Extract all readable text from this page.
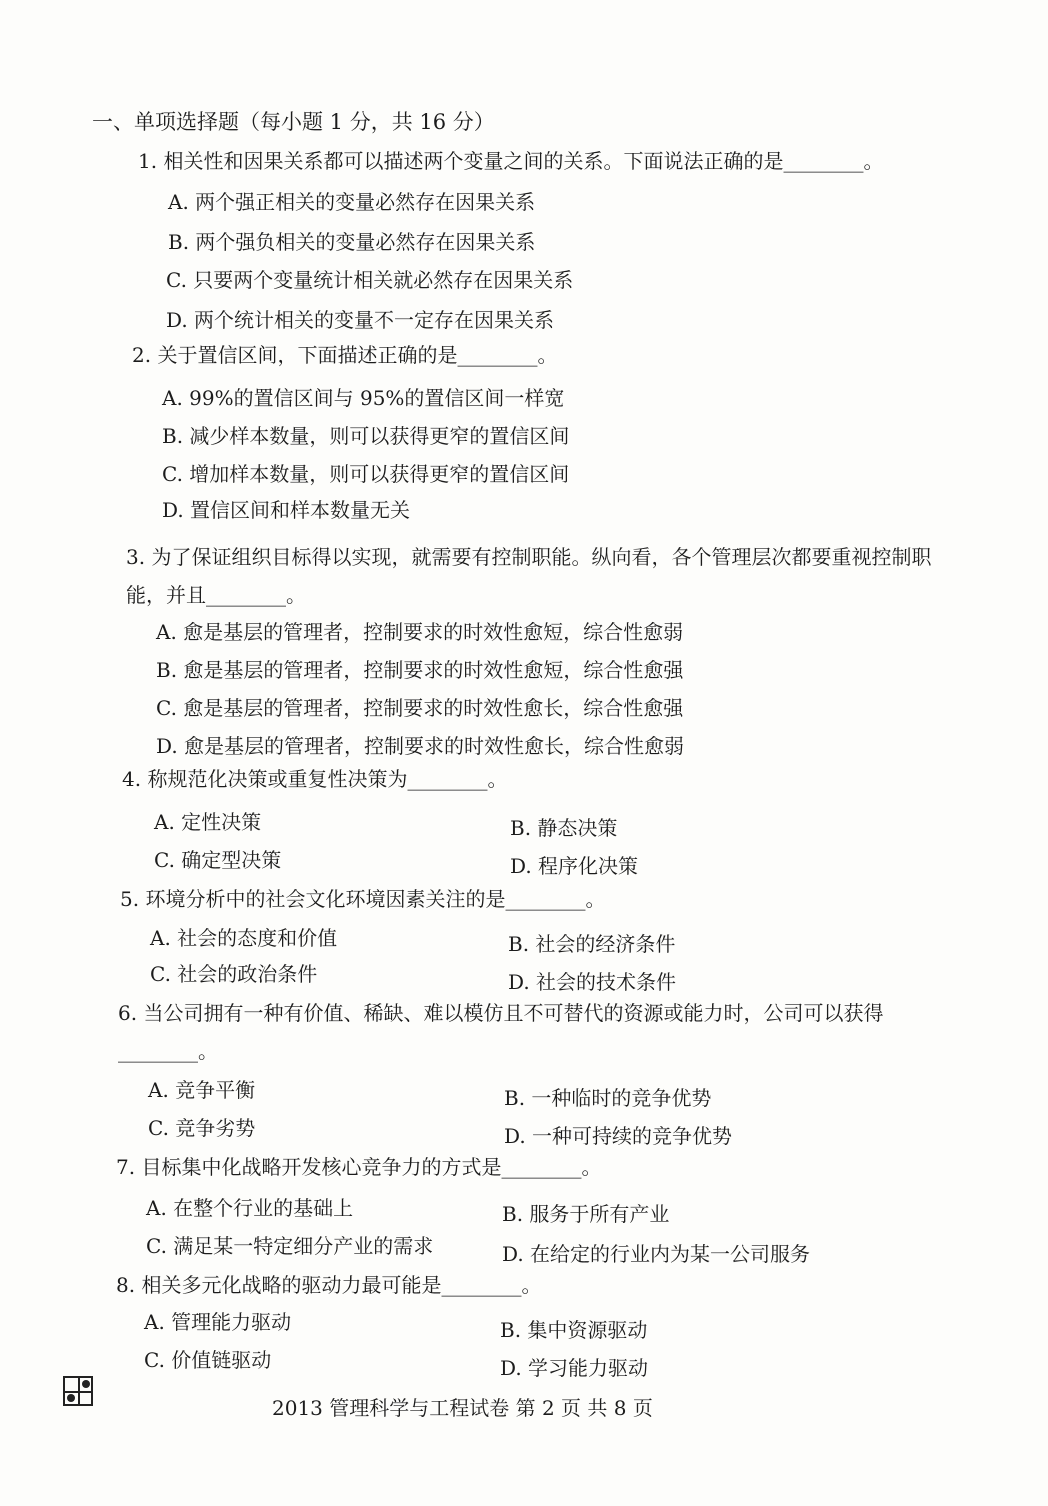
一、单项选择题（每小题 1 分，共 16 分）
1. 相关性和因果关系都可以描述两个变量之间的关系。下面说法正确的是________。
A. 两个强正相关的变量必然存在因果关系
B. 两个强负相关的变量必然存在因果关系
C. 只要两个变量统计相关就必然存在因果关系
D. 两个统计相关的变量不一定存在因果关系
2. 关于置信区间，下面描述正确的是________。
A. 99%的置信区间与 95%的置信区间一样宽
B. 减少样本数量，则可以获得更窄的置信区间
C. 增加样本数量，则可以获得更窄的置信区间
D. 置信区间和样本数量无关
3. 为了保证组织目标得以实现，就需要有控制职能。纵向看，各个管理层次都要重视控制职能，并且________。
A. 愈是基层的管理者，控制要求的时效性愈短，综合性愈弱
B. 愈是基层的管理者，控制要求的时效性愈短，综合性愈强
C. 愈是基层的管理者，控制要求的时效性愈长，综合性愈强
D. 愈是基层的管理者，控制要求的时效性愈长，综合性愈弱
4. 称规范化决策或重复性决策为________。
A. 定性决策	B. 静态决策
C. 确定型决策	D. 程序化决策
5. 环境分析中的社会文化环境因素关注的是________。
A. 社会的态度和价值	B. 社会的经济条件
C. 社会的政治条件	D. 社会的技术条件
6. 当公司拥有一种有价值、稀缺、难以模仿且不可替代的资源或能力时，公司可以获得________。
A. 竞争平衡	B. 一种临时的竞争优势
C. 竞争劣势	D. 一种可持续的竞争优势
7. 目标集中化战略开发核心竞争力的方式是________。
A. 在整个行业的基础上	B. 服务于所有产业
C. 满足某一特定细分产业的需求	D. 在给定的行业内为某一公司服务
8. 相关多元化战略的驱动力最可能是________。
A. 管理能力驱动	B. 集中资源驱动
C. 价值链驱动	D. 学习能力驱动
2013 管理科学与工程试卷 第 2 页 共 8 页
